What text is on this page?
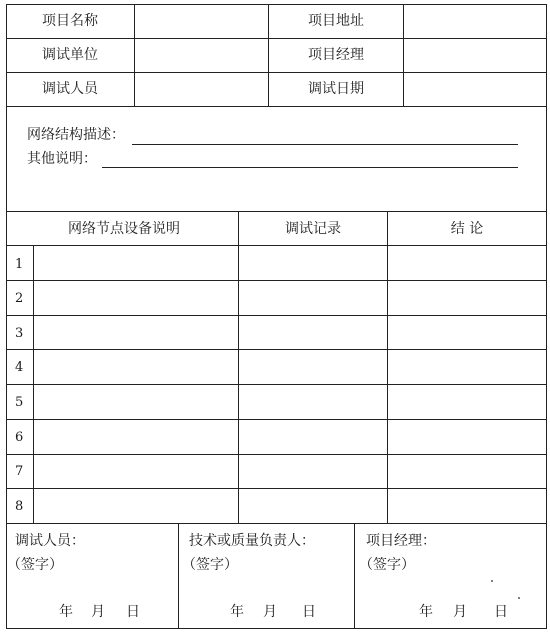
项目名称	项目地址
调试单位	项目经理
调试人员	调试日期
网络结构描述：
其他说明：
网络节点设备说明	调试记录	结 论
1
2
3
4
5
6
7
8
调试人员：
（签字）
年 月 日
技术或质量负责人：
（签字）
年 月 日
项目经理：
（签字）
年 月 日
